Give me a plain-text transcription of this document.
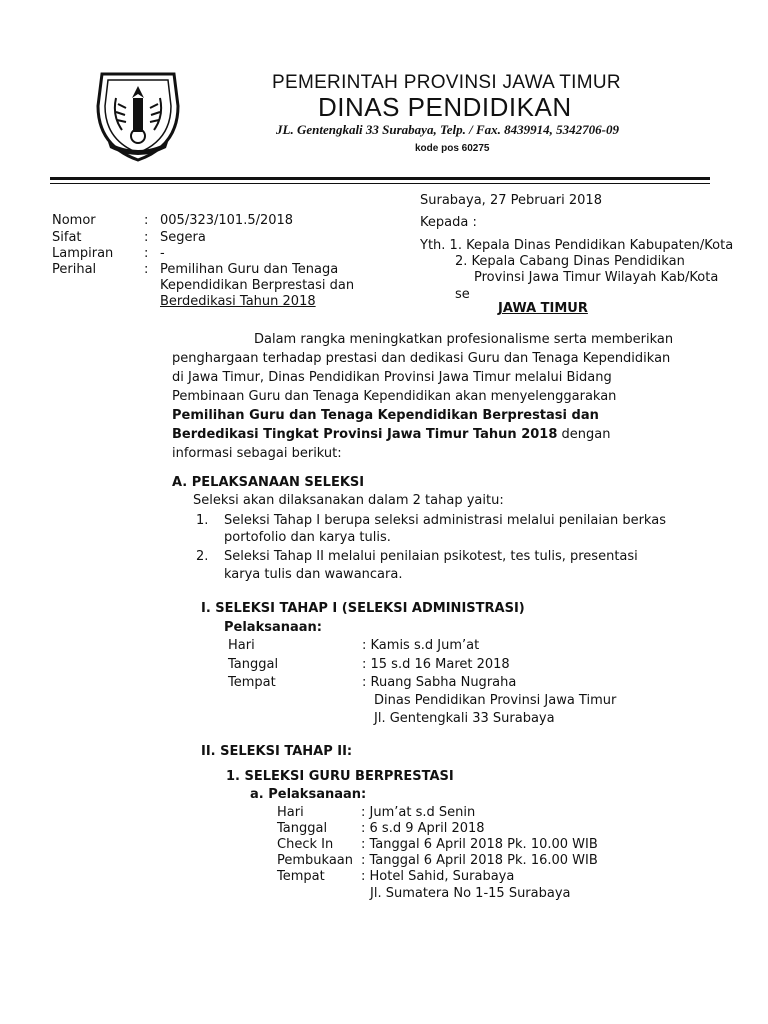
PEMERINTAH PROVINSI JAWA TIMUR
DINAS PENDIDIKAN
JL. Gentengkali 33 Surabaya, Telp. / Fax. 8439914, 5342706-09
kode pos 60275
Surabaya, 27 Pebruari 2018
Kepada :
Yth. 1. Kepala Dinas Pendidikan Kabupaten/Kota
2. Kepala Cabang Dinas Pendidikan
Provinsi Jawa Timur Wilayah Kab/Kota
se
JAWA TIMUR
Nomor	: 005/323/101.5/2018
Sifat	: Segera
Lampiran : -
Perihal	: Pemilihan Guru dan Tenaga
Kependidikan Berprestasi dan
Berdedikasi Tahun 2018
Dalam rangka meningkatkan profesionalisme serta memberikan
penghargaan terhadap prestasi dan dedikasi Guru dan Tenaga Kependidikan
di Jawa Timur, Dinas Pendidikan Provinsi Jawa Timur melalui Bidang
Pembinaan Guru dan Tenaga Kependidikan akan menyelenggarakan
Pemilihan Guru dan Tenaga Kependidikan Berprestasi dan
Berdedikasi Tingkat Provinsi Jawa Timur Tahun 2018 dengan
informasi sebagai berikut:
A. PELAKSANAAN SELEKSI
Seleksi akan dilaksanakan dalam 2 tahap yaitu:
1. Seleksi Tahap I berupa seleksi administrasi melalui penilaian berkas
portofolio dan karya tulis.
2. Seleksi Tahap II melalui penilaian psikotest, tes tulis, presentasi
karya tulis dan wawancara.
I. SELEKSI TAHAP I (SELEKSI ADMINISTRASI)
Pelaksanaan:
Hari	: Kamis s.d Jum’at
Tanggal	: 15 s.d 16 Maret 2018
Tempat	: Ruang Sabha Nugraha
Dinas Pendidikan Provinsi Jawa Timur
Jl. Gentengkali 33 Surabaya
II. SELEKSI TAHAP II:
1. SELEKSI GURU BERPRESTASI
a. Pelaksanaan:
Hari	: Jum’at s.d Senin
Tanggal	: 6 s.d 9 April 2018
Check In : Tanggal 6 April 2018 Pk. 10.00 WIB
Pembukaan : Tanggal 6 April 2018 Pk. 16.00 WIB
Tempat	: Hotel Sahid, Surabaya
Jl. Sumatera No 1-15 Surabaya
